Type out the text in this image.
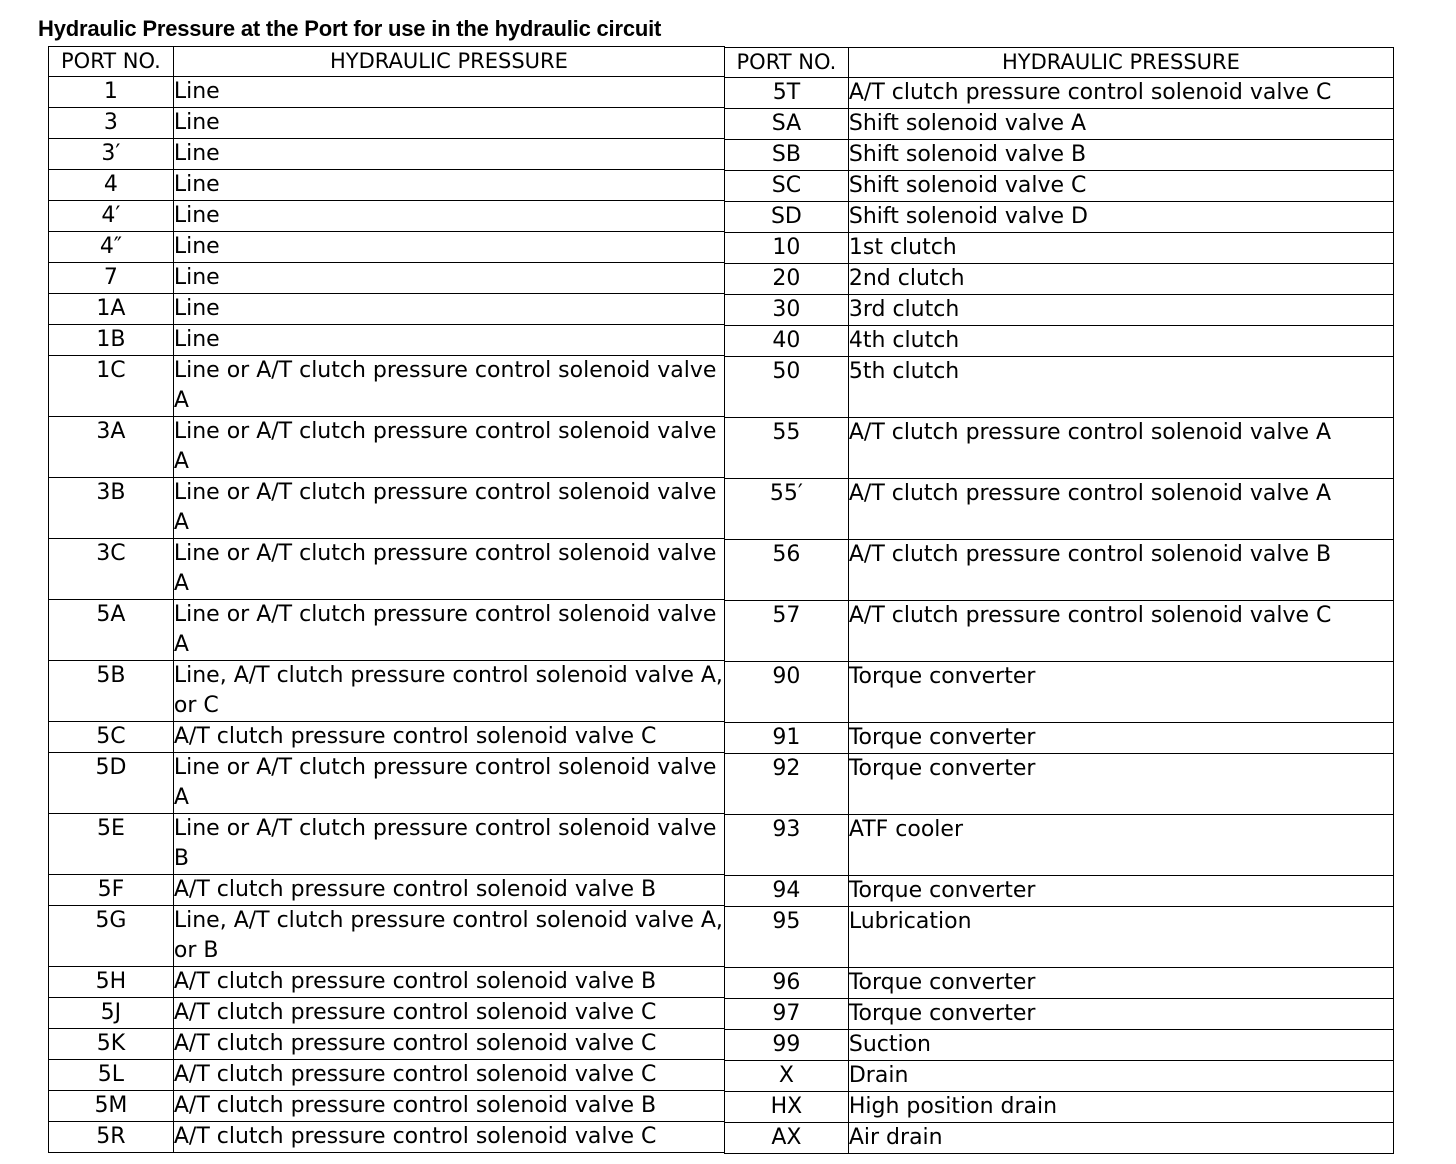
Hydraulic Pressure at the Port for use in the hydraulic circuit
PORT NO.	HYDRAULIC PRESSURE
1	Line
3	Line
3′	Line
4	Line
4′	Line
4″	Line
7	Line
1A	Line
1B	Line
1C	Line or A/T clutch pressure control solenoid valve A
3A	Line or A/T clutch pressure control solenoid valve A
3B	Line or A/T clutch pressure control solenoid valve A
3C	Line or A/T clutch pressure control solenoid valve A
5A	Line or A/T clutch pressure control solenoid valve A
5B	Line, A/T clutch pressure control solenoid valve A, or C
5C	A/T clutch pressure control solenoid valve C
5D	Line or A/T clutch pressure control solenoid valve A
5E	Line or A/T clutch pressure control solenoid valve B
5F	A/T clutch pressure control solenoid valve B
5G	Line, A/T clutch pressure control solenoid valve A, or B
5H	A/T clutch pressure control solenoid valve B
5J	A/T clutch pressure control solenoid valve C
5K	A/T clutch pressure control solenoid valve C
5L	A/T clutch pressure control solenoid valve C
5M	A/T clutch pressure control solenoid valve B
5R	A/T clutch pressure control solenoid valve C
PORT NO.	HYDRAULIC PRESSURE
5T	A/T clutch pressure control solenoid valve C
SA	Shift solenoid valve A
SB	Shift solenoid valve B
SC	Shift solenoid valve C
SD	Shift solenoid valve D
10	1st clutch
20	2nd clutch
30	3rd clutch
40	4th clutch
50	5th clutch
55	A/T clutch pressure control solenoid valve A
55′	A/T clutch pressure control solenoid valve A
56	A/T clutch pressure control solenoid valve B
57	A/T clutch pressure control solenoid valve C
90	Torque converter
91	Torque converter
92	Torque converter
93	ATF cooler
94	Torque converter
95	Lubrication
96	Torque converter
97	Torque converter
99	Suction
X	Drain
HX	High position drain
AX	Air drain
